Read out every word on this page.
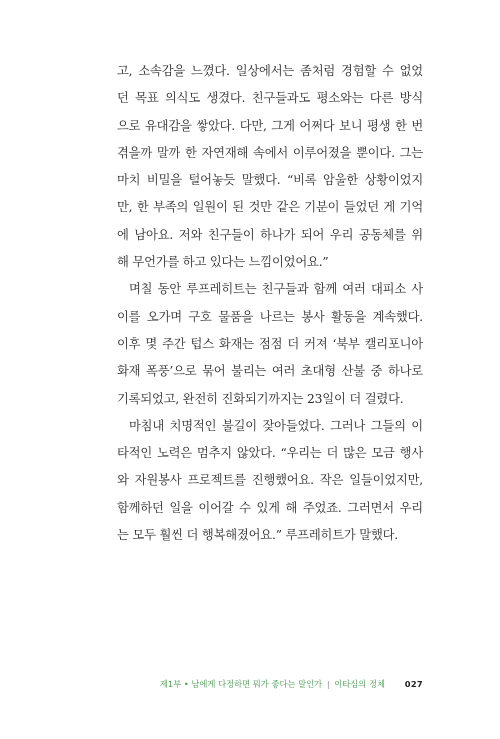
고, 소속감을 느꼈다. 일상에서는 좀처럼 경험할 수 없었

던 목표 의식도 생겼다. 친구들과도 평소와는 다른 방식

으로 유대감을 쌓았다. 다만, 그게 어쩌다 보니 평생 한 번

겪을까 말까 한 자연재해 속에서 이루어졌을 뿐이다. 그는

마치 비밀을 털어놓듯 말했다. “비록 암울한 상황이었지

만, 한 부족의 일원이 된 것만 같은 기분이 들었던 게 기억

에 남아요. 저와 친구들이 하나가 되어 우리 공동체를 위

해 무언가를 하고 있다는 느낌이었어요.”

며칠 동안 루프레히트는 친구들과 함께 여러 대피소 사

이를 오가며 구호 물품을 나르는 봉사 활동을 계속했다.

이후 몇 주간 텁스 화재는 점점 더 커져 ‘북부 캘리포니아

화재 폭풍’으로 묶어 불리는 여러 초대형 산불 중 하나로

기록되었고, 완전히 진화되기까지는 23일이 더 걸렸다.

마침내 치명적인 불길이 잦아들었다. 그러나 그들의 이

타적인 노력은 멈추지 않았다. “우리는 더 많은 모금 행사

와 자원봉사 프로젝트를 진행했어요. 작은 일들이었지만,

함께하던 일을 이어갈 수 있게 해 주었죠. 그러면서 우리

는 모두 훨씬 더 행복해졌어요.” 루프레히트가 말했다.

제1부 • 남에게 다정하면 뭐가 좋다는 말인가 | 이타심의 정체 027
